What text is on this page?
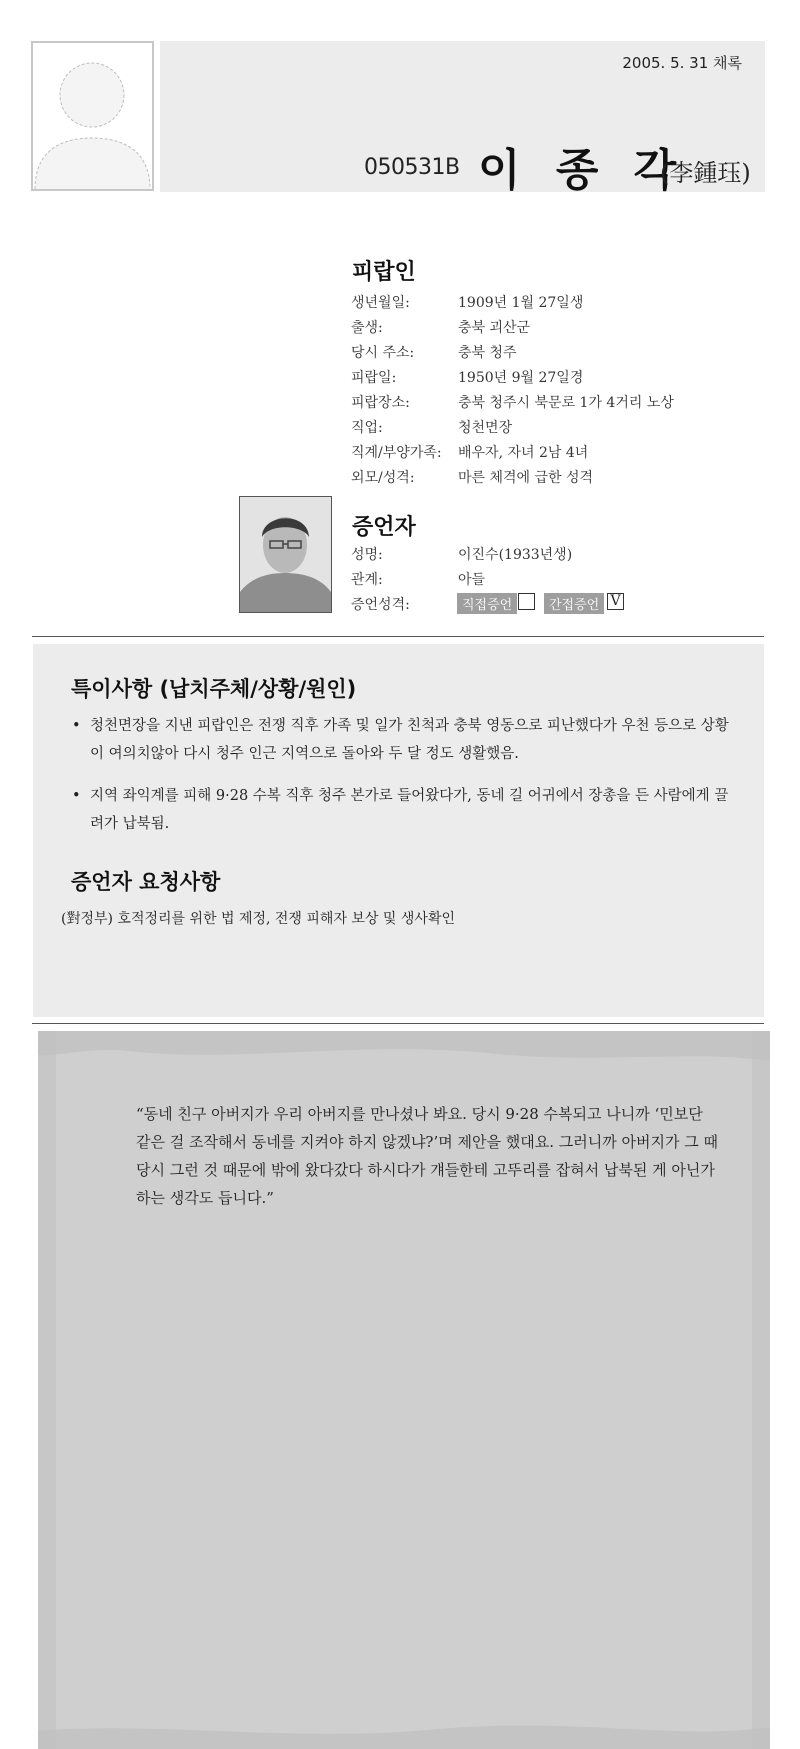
2005. 5. 31 채록
050531B 이 종 각
(李鍾珏)
피랍인
생년월일:	1909년 1월 27일생
출생:	충북 괴산군
당시 주소:	충북 청주
피랍일:	1950년 9월 27일경
피랍장소:	충북 청주시 북문로 1가 4거리 노상
직업:	청천면장
직계/부양가족: 배우자, 자녀 2남 4녀
외모/성격:	마른 체격에 급한 성격
증언자
성명:	이진수(1933년생)
관계:	아들
증언성격:	직접증언	간접증언 V
특이사항 (납치주체/상황/원인)
• 청천면장을 지낸 피랍인은 전쟁 직후 가족 및 일가 친척과 충북 영동으로 피난했다가 우천 등으로 상황이 여의치않아 다시 청주 인근 지역으로 돌아와 두 달 정도 생활했음.
• 지역 좌익계를 피해 9·28 수복 직후 청주 본가로 들어왔다가, 동네 길 어귀에서 장총을 든 사람에게 끌려가 납북됨.
증언자 요청사항
(對정부) 호적정리를 위한 법 제정, 전쟁 피해자 보상 및 생사확인
“동네 친구 아버지가 우리 아버지를 만나셨나 봐요. 당시 9·28 수복되고 나니까 ‘민보단 같은 걸 조작해서 동네를 지켜야 하지 않겠냐?’며 제안을 했대요. 그러니까 아버지가 그 때 당시 그런 것 때문에 밖에 왔다갔다 하시다가 걔들한테 고뚜리를 잡혀서 납북된 게 아닌가 하는 생각도 듭니다.”
